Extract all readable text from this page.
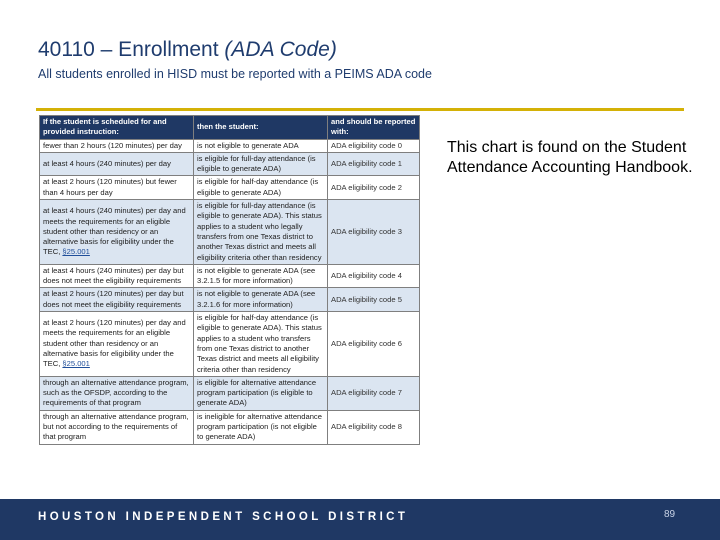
40110 – Enrollment (ADA Code)
All students enrolled in HISD must be reported with a PEIMS ADA code
If the student is scheduled for and provided instruction:	then the student:	and should be reported with:
fewer than 2 hours (120 minutes) per day	is not eligible to generate ADA	ADA eligibility code 0
at least 4 hours (240 minutes) per day	is eligible for full-day attendance (is eligible to generate ADA)	ADA eligibility code 1
at least 2 hours (120 minutes) but fewer than 4 hours per day	is eligible for half-day attendance (is eligible to generate ADA)	ADA eligibility code 2
at least 4 hours (240 minutes) per day and meets the requirements for an eligible student other than residency or an alternative basis for eligibility under the TEC, §25.001	is eligible for full-day attendance (is eligible to generate ADA). This status applies to a student who legally transfers from one Texas district to another Texas district and meets all eligibility criteria other than residency	ADA eligibility code 3
at least 4 hours (240 minutes) per day but does not meet the eligibility requirements	is not eligible to generate ADA (see 3.2.1.5 for more information)	ADA eligibility code 4
at least 2 hours (120 minutes) per day but does not meet the eligibility requirements	is not eligible to generate ADA (see 3.2.1.6 for more information)	ADA eligibility code 5
at least 2 hours (120 minutes) per day and meets the requirements for an eligible student other than residency or an alternative basis for eligibility under the TEC, §25.001	is eligible for half-day attendance (is eligible to generate ADA). This status applies to a student who transfers from one Texas district to another Texas district and meets all eligibility criteria other than residency	ADA eligibility code 6
through an alternative attendance program, such as the OFSDP, according to the requirements of that program	is eligible for alternative attendance program participation (is eligible to generate ADA)	ADA eligibility code 7
through an alternative attendance program, but not according to the requirements of that program	is ineligible for alternative attendance program participation (is not eligible to generate ADA)	ADA eligibility code 8
This chart is found on the Student Attendance Accounting Handbook.
HOUSTON INDEPENDENT SCHOOL DISTRICT	89
